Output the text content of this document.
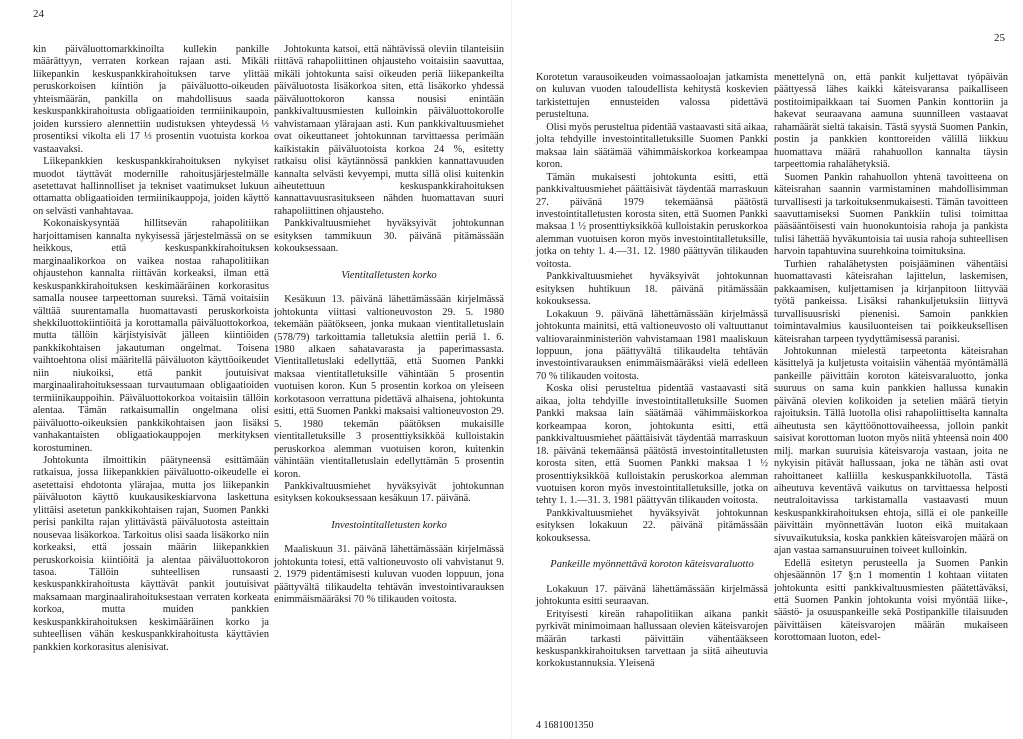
24
25

kin päiväluottomarkkinoilta kullekin pankille määrättyyn, verraten korkean rajaan asti. Mikäli liikepankin keskuspankkirahoituksen tarve ylittää peruskorkoisen kiintiön ja päiväluotto-oikeuden yhteismäärän, pankilla on mahdollisuus saada keskuspankkirahoitusta obligaatioiden termiinikaupoin, joiden kurssiero alennettiin uudistuksen yhteydessä ⅓ prosentiksi vikolta eli 17 ⅓ prosentin vuotuista korkoa vastaavaksi.

Liikepankkien keskuspankkirahoituksen nykyiset muodot täyttävät modernille rahoitusjärjestelmälle asetettavat hallinnolliset ja tekniset vaatimukset lukuun ottamatta obligaatioiden termiinikauppoja, joiden käyttö on selvästi vanhahtavaa.

Kokonaiskysyntää hillitsevän rahapolitiikan harjoittamisen kannalta nykyisessä järjestelmässä on se heikkous, että keskuspankkirahoituksen marginaalikorkoa on vaikea nostaa rahapolitiikan ohjaustehon kannalta riittävän korkeaksi, ilman että keskuspankkirahoituksen keskimääräinen korkorasitus samalla nousee tarpeettoman suureksi. Tämä voitaisiin välttää suurentamalla huomattavasti peruskorkoista shekkiluottokiintiöitä ja korottamalla päiväluottokorkoa, mutta tällöin kärjistyisivät jälleen kiintiöiden pankkikohtaisen jakautuman ongelmat. Toisena vaihtoehtona olisi määritellä päiväluoton käyttöoikeudet niin niukoiksi, että pankit joutuisivat marginaalirahoituksessaan turvautumaan obligaatioiden termiinikauppoihin. Päiväluottokorkoa voitaisiin tällöin alentaa. Tämän ratkaisumallin ongelmana olisi päiväluotto-oikeuksien pankkikohtaisen jaon lisäksi vanhakantaisten obligaatiokauppojen merkityksen korostuminen.

Johtokunta ilmoittikin päätyneensä esittämään ratkaisua, jossa liikepankkien päiväluotto-oikeudelle ei asetettaisi ehdotonta ylärajaa, mutta jos liikepankin päiväluoton käyttö kuukausikeskiarvona laskettuna ylittäisi asetetun pankkikohtaisen rajan, Suomen Pankki perisi pankilta rajan ylittävästä päiväluotosta asteittain nousevaa lisäkorkoa. Tarkoitus olisi saada lisäkorko niin korkeaksi, että jossain määrin liikepankkien peruskorkoisia kiintiöitä ja alentaa päiväluottokoron tasoa. Tällöin suhteellisen runsaasti keskuspankkirahoitusta käyttävät pankit joutuisivat maksamaan marginaalirahoituksestaan verraten korkeata korkoa, mutta muiden pankkien keskuspankkirahoituksen keskimääräinen korko ja suhteellisen vähän keskuspankkirahoitusta käyttävien pankkien korkorasitus alenisivat.

Johtokunta katsoi, että nähtävissä oleviin tilanteisiin riittävä rahapoliittinen ohjausteho voitaisiin saavuttaa, mikäli johtokunta saisi oikeuden periä liikepankeilta päiväluotosta lisäkorkoa siten, että lisäkorko yhdessä päiväluottokoron kanssa nousisi enintään pankkivaltuusmiesten kulloinkin päiväluottokorolle vahvistamaan ylärajaan asti. Kun pankkivaltuusmiehet ovat oikeuttaneet johtokunnan tarvittaessa perimään kaikistakin päiväluotoista korkoa 24 %, esitetty ratkaisu olisi käytännössä pankkien kannattavuuden kannalta selvästi kevyempi, mutta sillä olisi kuitenkin aiheutettuun keskuspankkirahoituksen kannattavuusrasitukseen nähden huomattavan suuri rahapoliittinen ohjausteho.

Pankkivaltuusmiehet hyväksyivät johtokunnan esityksen tammikuun 30. päivänä pitämässään kokouksessaan.

Vientitalletusten korko

Kesäkuun 13. päivänä lähettämässään kirjelmässä johtokunta viittasi valtioneuvoston 29. 5. 1980 tekemään päätökseen, jonka mukaan vientitalletuslain (578/79) tarkoittamia talletuksia alettiin periä 1. 6. 1980 alkaen sahatavarasta ja paperimassasta. Vientitalletuslaki edellyttää, että Suomen Pankki maksaa vientitalletuksille vähintään 5 prosentin vuotuisen koron. Kun 5 prosentin korkoa on yleiseen korkotasoon verrattuna pidettävä alhaisena, johtokunta esitti, että Suomen Pankki maksaisi valtioneuvoston 29. 5. 1980 tekemän päätöksen mukaisille vientitalletuksille 3 prosenttiyksikköä kulloistakin peruskorkoa alemman vuotuisen koron, kuitenkin vähintään vientitalletuslain edellyttämän 5 prosentin koron.

Pankkivaltuusmiehet hyväksyivät johtokunnan esityksen kokouksessaan kesäkuun 17. päivänä.

Investointitalletusten korko

Maaliskuun 31. päivänä lähettämässään kirjelmässä johtokunta totesi, että valtioneuvosto oli vahvistanut 9. 2. 1979 pidentämisesti kuluvan vuoden loppuun, jona päättyvältä tilikaudelta tehtävän investointivarauksen enimmäismääräksi 70 % tilikauden voitosta.

Korotetun varausoikeuden voimassaoloajan jatkamista on kuluvan vuoden taloudellista kehitystä koskevien tarkistettujen ennusteiden valossa pidettävä perusteltuna.

Olisi myös perusteltua pidentää vastaavasti sitä aikaa, jolta tehdyille investointitalletuksille Suomen Pankki maksaa lain säätämää vähimmäiskorkoa korkeampaa koron.

Tämän mukaisesti johtokunta esitti, että pankkivaltuusmiehet päättäisivät täydentää marraskuun 27. päivänä 1979 tekemäänsä päätöstä investointitalletusten korosta siten, että Suomen Pankki maksaa 1 ½ prosenttiyksikköä kulloistakin peruskorkoa alemman vuotuisen koron myös investointitalletuksille, jotka on tehty 1. 4.—31. 12. 1980 päättyvän tilikauden voitosta.

Pankkivaltuusmiehet hyväksyivät johtokunnan esityksen huhtikuun 18. päivänä pitämässään kokouksessa.

Lokakuun 9. päivänä lähettämässään kirjelmässä johtokunta mainitsi, että valtioneuvosto oli valtuuttanut valtiovarainministeriön vahvistamaan 1981 maaliskuun loppuun, jona päättyvältä tilikaudelta tehtävän investointivarauksen enimmäismääräksi vielä edelleen 70 % tilikauden voitosta.

Koska olisi perusteltua pidentää vastaavasti sitä aikaa, jolta tehdyille investointitalletuksille Suomen Pankki maksaa lain säätämää vähimmäiskorkoa korkeampaa koron, johtokunta esitti, että pankkivaltuusmiehet päättäisivät täydentää marraskuun 18. päivänä tekemäänsä päätöstä investointitalletusten korosta siten, että Suomen Pankki maksaa 1 ½ prosenttiyksikköä kulloistakin peruskorkoa alemman vuotuisen koron myös investointitalletuksille, jotka on tehty 1. 1.—31. 3. 1981 päättyvän tilikauden voitosta.

Pankkivaltuusmiehet hyväksyivät johtokunnan esityksen lokakuun 22. päivänä pitämässään kokouksessa.

Pankeille myönnettävä koroton käteisvaraluotto

Lokakuun 17. päivänä lähettämässään kirjelmässä johtokunta esitti seuraavan.

Erityisesti kireän rahapolitiikan aikana pankit pyrkivät minimoimaan hallussaan olevien käteisvarojen määrän tarkasti päivittäin vähentääkseen keskuspankkirahoituksen tarvettaan ja siitä aiheutuvia korkokustannuksia. Yleisenä

menettelynä on, että pankit kuljettavat työpäivän päättyessä lähes kaikki käteisvaransa paikalliseen postitoimipaikkaan tai Suomen Pankin konttoriin ja hakevat seuraavana aamuna suunnilleen vastaavat rahamäärät sieltä takaisin. Tästä syystä Suomen Pankin, postin ja pankkien konttoreiden välillä liikkuu huomattava määrä rahahuollon kannalta täysin tarpeettomia rahalähetyksiä.

Suomen Pankin rahahuollon yhtenä tavoitteena on käteisrahan saannin varmistaminen mahdollisimman turvallisesti ja tarkoituksenmukaisesti. Tämän tavoitteen saavuttamiseksi Suomen Pankkiin tulisi toimittaa pääsääntöisesti vain huonokuntoisia rahoja ja pankista tulisi lähettää hyväkuntoisia tai uusia rahoja suhteellisen harvoin tapahtuvina suurehkoina toimituksina.

Turhien rahalähetysten poisjääminen vähentäisi huomattavasti käteisrahan lajittelun, laskemisen, pakkaamisen, kuljettamisen ja kirjanpitoon liittyvää työtä pankeissa. Lisäksi rahankuljetuksiin liittyvä turvallisuusriski pienenisi. Samoin pankkien toimintavalmius kausiluonteisen tai poikkeuksellisen käteisrahan tarpeen tyydyttämisessä paranisi.

Johtokunnan mielestä tarpeetonta käteisrahan käsittelyä ja kuljetusta voitaisiin vähentää myöntämällä pankeille päivittäin koroton käteisvaraluotto, jonka suuruus on sama kuin pankkien hallussa kunakin päivänä olevien kolikoiden ja setelien määrä tietyin rajoituksin. Tällä luotolla olisi rahapoliittiselta kannalta aiheutusta sen käyttöönottovaiheessa, jolloin pankit saisivat korottoman luoton myös niitä yhteensä noin 400 milj. markan suuruisia käteisvaroja vastaan, joita ne nykyisin pitävät hallussaan, joka ne tähän asti ovat rahoittaneet kalliilla keskuspankkiluotolla. Tästä aiheutuva keventävä vaikutus on tarvittaessa helposti neutraloitavissa tarkistamalla vastaavasti muun keskuspankkirahoituksen ehtoja, sillä ei ole pankeille päivittäin myönnettävän luoton eikä muitakaan sivuvaikutuksia, koska pankkien käteisvarojen määrä on ajan vastaa samansuuruinen toiveet kulloinkin.

Edellä esitetyn perusteella ja Suomen Pankin ohjesäännön 17 §:n 1 momentin 1 kohtaan viitaten johtokunta esitti pankkivaltuusmiesten päätettäväksi, että Suomen Pankin johtokunta voisi myöntää liike-, säästö- ja osuuspankeille sekä Postipankille tilaisuuden päivittäisen käteisvarojen määrän mukaiseen korottomaan luoton, edel-

4 1681001350
